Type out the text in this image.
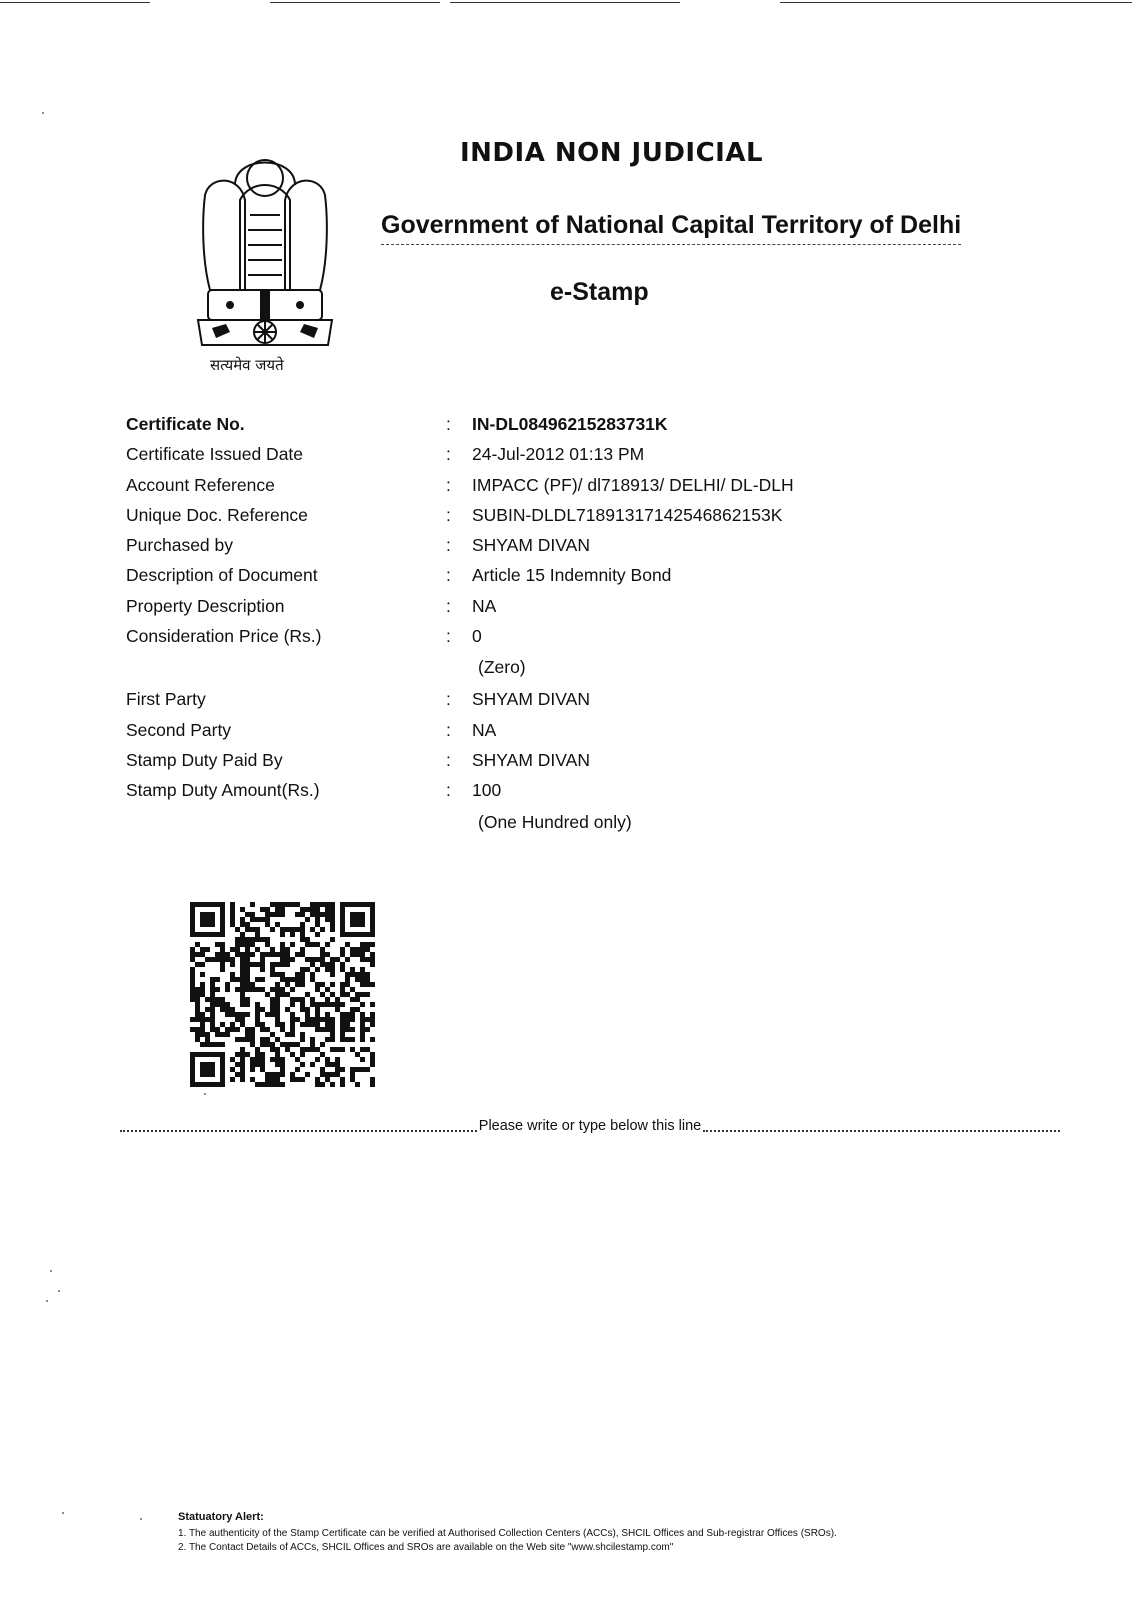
सत्यमेव जयते
INDIA NON JUDICIAL
Government of National Capital Territory of Delhi
e-Stamp
Certificate No.	: IN-DL08496215283731K
Certificate Issued Date	: 24-Jul-2012 01:13 PM
Account Reference	: IMPACC (PF)/ dl718913/ DELHI/ DL-DLH
Unique Doc. Reference	: SUBIN-DLDL71891317142546862153K
Purchased by	: SHYAM DIVAN
Description of Document	: Article 15 Indemnity Bond
Property Description	: NA
Consideration Price (Rs.)	: 0
(Zero)
First Party	: SHYAM DIVAN
Second Party	: NA
Stamp Duty Paid By	: SHYAM DIVAN
Stamp Duty Amount(Rs.)	: 100
(One Hundred only)
Please write or type below this line
Statuatory Alert:
1. The authenticity of the Stamp Certificate can be verified at Authorised Collection Centers (ACCs), SHCIL Offices and Sub-registrar Offices (SROs).
2. The Contact Details of ACCs, SHCIL Offices and SROs are available on the Web site "www.shcilestamp.com"
